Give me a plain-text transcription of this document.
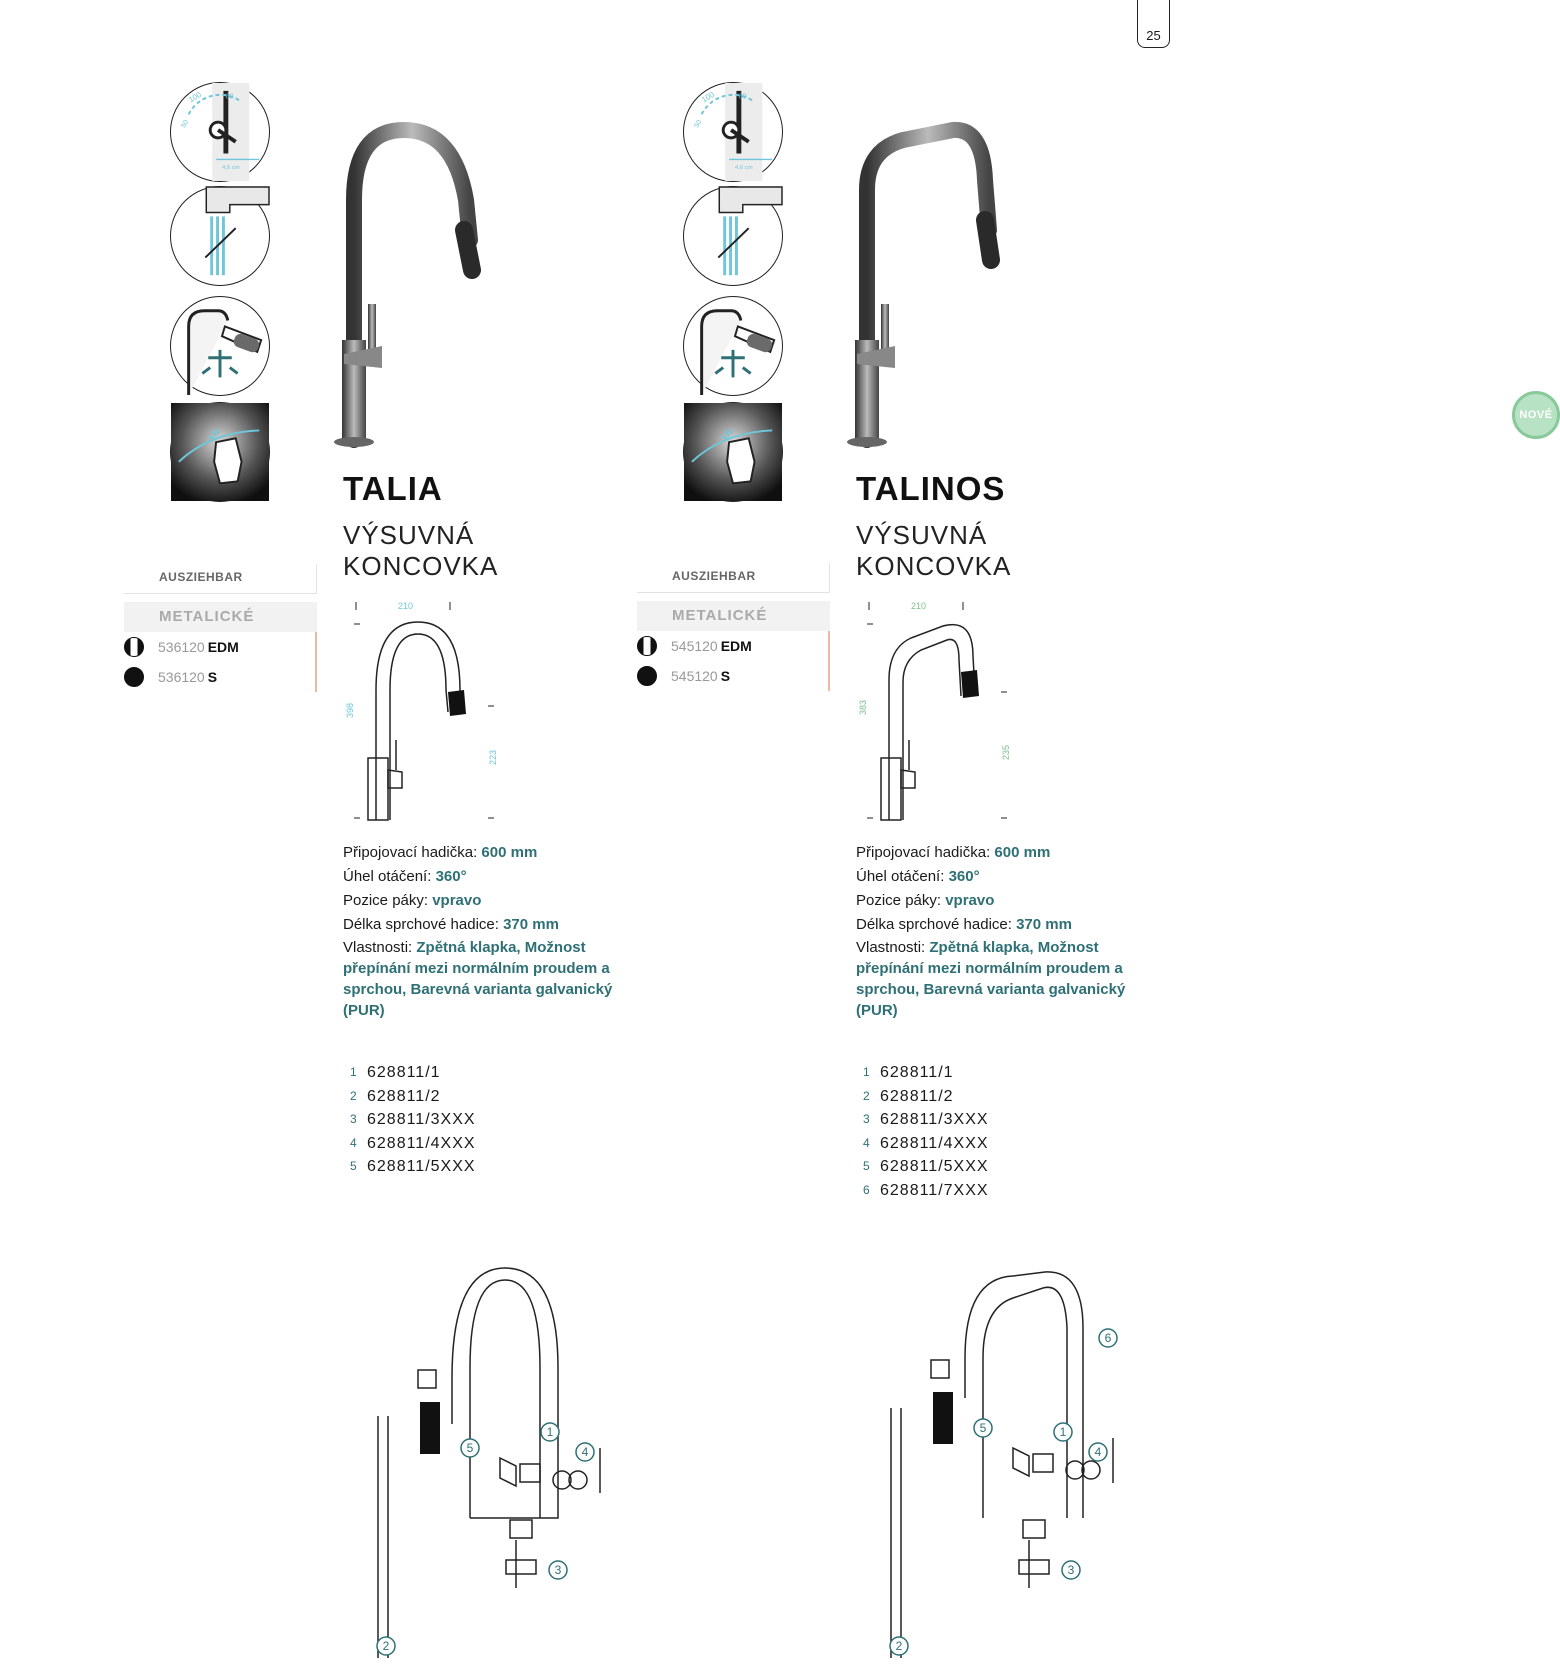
25
100	80
50
4,6 cm
TALIA
VÝSUVNÁ KONCOVKA
AUSZIEHBAR
METALICKÉ
536120 EDM
536120 S
210
398
223
Připojovací hadička: 600 mm
Úhel otáčení: 360°
Pozice páky: vpravo
Délka sprchové hadice: 370 mm
Vlastnosti: Zpětná klapka, Možnost přepínání mezi normálním proudem a sprchou, Barevná varianta galvanický (PUR)
1 628811/1
2 628811/2
3 628811/3XXX
4 628811/4XXX
5 628811/5XXX
1
2
3
4
5
100	80
50
4,6 cm
NOVÉ
TALINOS
VÝSUVNÁ KONCOVKA
AUSZIEHBAR
METALICKÉ
545120 EDM
545120 S
210
383
235
Připojovací hadička: 600 mm
Úhel otáčení: 360°
Pozice páky: vpravo
Délka sprchové hadice: 370 mm
Vlastnosti: Zpětná klapka, Možnost přepínání mezi normálním proudem a sprchou, Barevná varianta galvanický (PUR)
1 628811/1
2 628811/2
3 628811/3XXX
4 628811/4XXX
5 628811/5XXX
6 628811/7XXX
1
2
3
4
5
6
